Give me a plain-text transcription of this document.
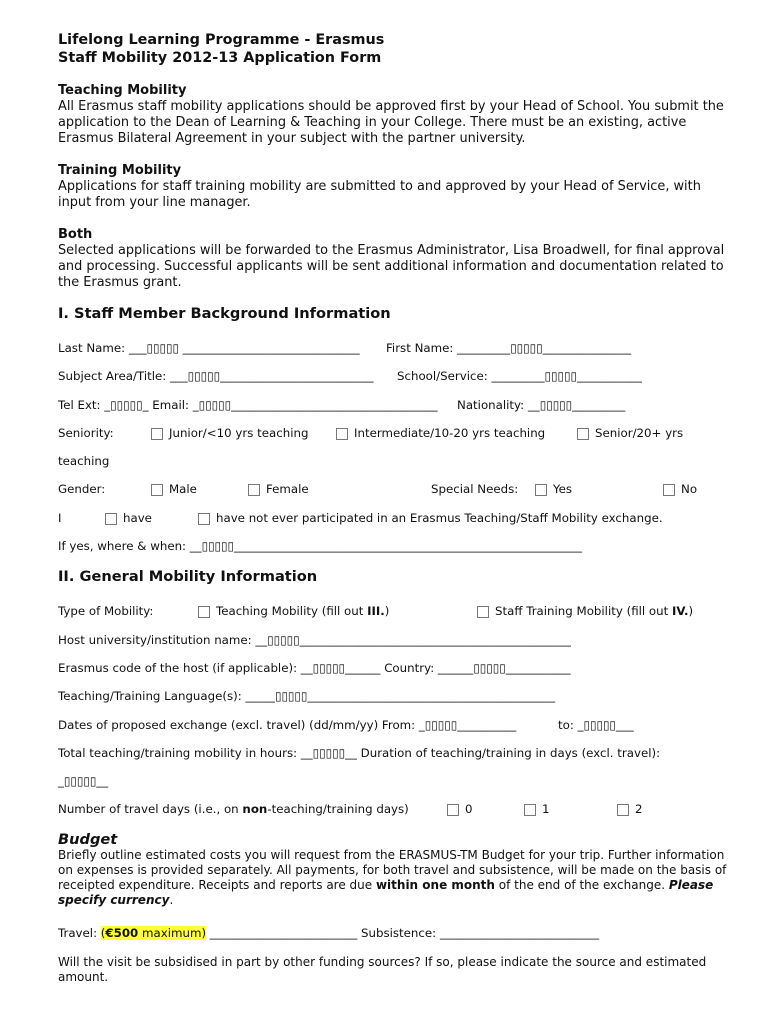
Lifelong Learning Programme - Erasmus
Staff Mobility 2012-13 Application Form
Teaching Mobility
All Erasmus staff mobility applications should be approved first by your Head of School. You submit the application to the Dean of Learning & Teaching in your College. There must be an existing, active Erasmus Bilateral Agreement in your subject with the partner university.
Training Mobility
Applications for staff training mobility are submitted to and approved by your Head of Service, with input from your line manager.
Both
Selected applications will be forwarded to the Erasmus Administrator, Lisa Broadwell, for final approval and processing. Successful applicants will be sent additional information and documentation related to the Erasmus grant.
I. Staff Member Background Information
Last Name: ___▯▯▯▯▯ ______________________________ First Name: _________▯▯▯▯▯_______________
Subject Area/Title: ___▯▯▯▯▯__________________________ School/Service: _________▯▯▯▯▯___________
Tel Ext: _▯▯▯▯▯_ Email: _▯▯▯▯▯___________________________________ Nationality: __▯▯▯▯▯_________
Seniority:	Junior/<10 yrs teaching	Intermediate/10-20 yrs teaching	Senior/20+ yrs
teaching
Gender:	Male	Female	Special Needs:	Yes	No
I	have	have not ever participated in an Erasmus Teaching/Staff Mobility exchange.
If yes, where & when: __▯▯▯▯▯___________________________________________________________
II. General Mobility Information
Type of Mobility:	Teaching Mobility (fill out III.)	Staff Training Mobility (fill out IV.)
Host university/institution name: __▯▯▯▯▯______________________________________________
Erasmus code of the host (if applicable): __▯▯▯▯▯______ Country: ______▯▯▯▯▯___________
Teaching/Training Language(s): _____▯▯▯▯▯__________________________________________
Dates of proposed exchange (excl. travel) (dd/mm/yy) From: _▯▯▯▯▯__________	to: _▯▯▯▯▯___
Total teaching/training mobility in hours: __▯▯▯▯▯__ Duration of teaching/training in days (excl. travel):
_▯▯▯▯▯__
Number of travel days (i.e., on non-teaching/training days)	0	1	2
Budget
Briefly outline estimated costs you will request from the ERASMUS-TM Budget for your trip. Further information on expenses is provided separately. All payments, for both travel and subsistence, will be made on the basis of receipted expenditure. Receipts and reports are due within one month of the end of the exchange. Please specify currency.
Travel: (€500 maximum) _________________________ Subsistence: ___________________________
Will the visit be subsidised in part by other funding sources? If so, please indicate the source and estimated amount.
